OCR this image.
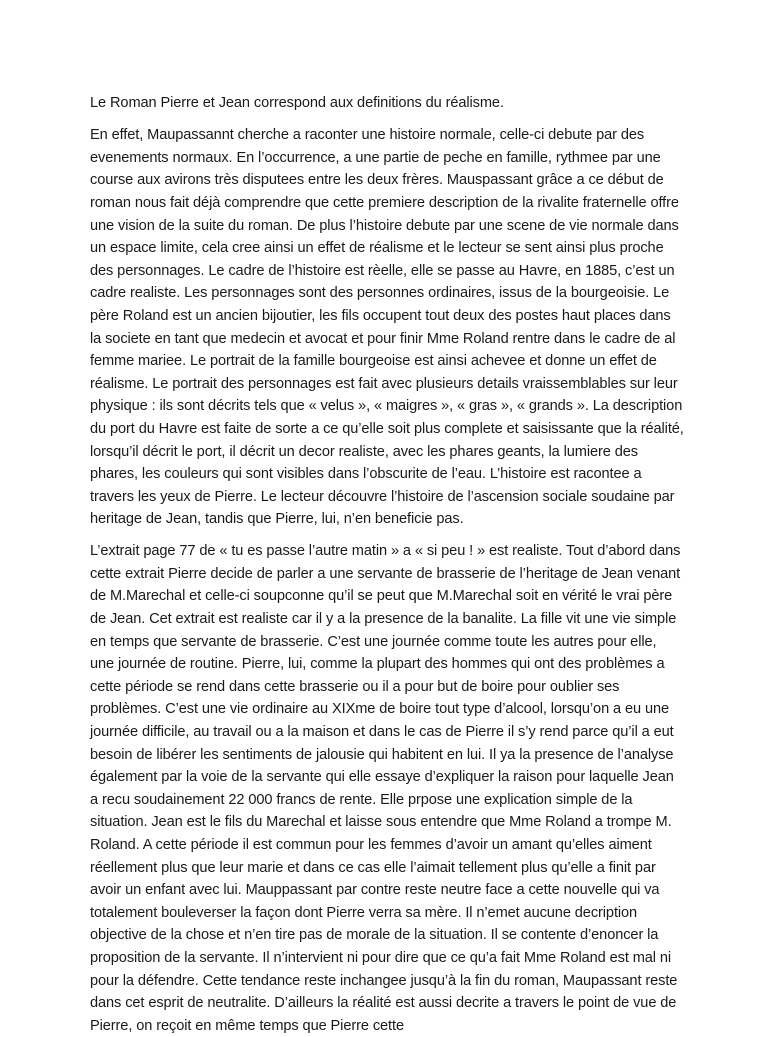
Le Roman Pierre et Jean correspond aux definitions du réalisme.

En effet, Maupassannt cherche a raconter une histoire normale, celle-ci debute par des evenements normaux. En l’occurrence, a une partie de peche en famille, rythmee par une course aux avirons très disputees entre les deux frères. Mauspassant grâce a ce début de roman nous fait déjà comprendre que cette premiere description de la rivalite fraternelle offre une vision de la suite du roman. De plus l’histoire debute par une scene de vie normale dans un espace limite, cela cree ainsi un effet de réalisme et le lecteur se sent ainsi plus proche des personnages. Le cadre de l’histoire est rèelle, elle se passe au Havre, en 1885, c’est un cadre realiste. Les personnages sont des personnes ordinaires, issus de la bourgeoisie. Le père Roland est un ancien bijoutier, les fils occupent tout deux des postes haut places dans la societe en tant que medecin et avocat et pour finir Mme Roland rentre dans le cadre de al femme mariee. Le portrait de la famille bourgeoise est ainsi achevee et donne un effet de réalisme. Le portrait des personnages est fait avec plusieurs details vraissemblables sur leur physique : ils sont décrits tels que « velus », « maigres », « gras », « grands ». La description du port du Havre est faite de sorte a ce qu’elle soit plus complete et saisissante que la réalité, lorsqu’il décrit le port, il décrit un decor realiste, avec les phares geants, la lumiere des phares, les couleurs qui sont visibles dans l’obscurite de l’eau. L’histoire est racontee a travers les yeux de Pierre. Le lecteur découvre l’histoire de l’ascension sociale soudaine par heritage de Jean, tandis que Pierre, lui, n’en beneficie pas.

L’extrait page 77 de « tu es passe l’autre matin » a « si peu ! » est realiste. Tout d’abord dans cette extrait Pierre decide de parler a une servante de brasserie de l’heritage de Jean venant de M.Marechal et celle-ci soupconne qu’il se peut que M.Marechal soit en vérité le vrai père de Jean. Cet extrait est realiste car il y a la presence de la banalite. La fille vit une vie simple en temps que servante de brasserie. C’est une journée comme toute les autres pour elle, une journée de routine. Pierre, lui, comme la plupart des hommes qui ont des problèmes a cette période se rend dans cette brasserie ou il a pour but de boire pour oublier ses problèmes. C’est une vie ordinaire au XIXme de boire tout type d’alcool, lorsqu’on a eu une journée difficile, au travail ou a la maison et dans le cas de Pierre il s’y rend parce qu’il a eut besoin de libérer les sentiments de jalousie qui habitent en lui. Il ya la presence de l’analyse également par la voie de la servante qui elle essaye d’expliquer la raison pour laquelle Jean a recu soudainement 22 000 francs de rente. Elle prpose une explication simple de la situation. Jean est le fils du Marechal et laisse sous entendre que Mme Roland a trompe M. Roland. A cette période il est commun pour les femmes d’avoir un amant qu’elles aiment réellement plus que leur marie et dans ce cas elle l’aimait tellement plus qu’elle a finit par avoir un enfant avec lui. Mauppassant par contre reste neutre face a cette nouvelle qui va totalement bouleverser la façon dont Pierre verra sa mère. Il n’emet aucune decription objective de la chose et n’en tire pas de morale de la situation. Il se contente d’enoncer la proposition de la servante. Il n’intervient ni pour dire que ce qu’a fait Mme Roland est mal ni pour la défendre. Cette tendance reste inchangee jusqu’à la fin du roman, Maupassant reste dans cet esprit de neutralite. D’ailleurs la réalité est aussi decrite a travers le point de vue de Pierre, on reçoit en même temps que Pierre cette
